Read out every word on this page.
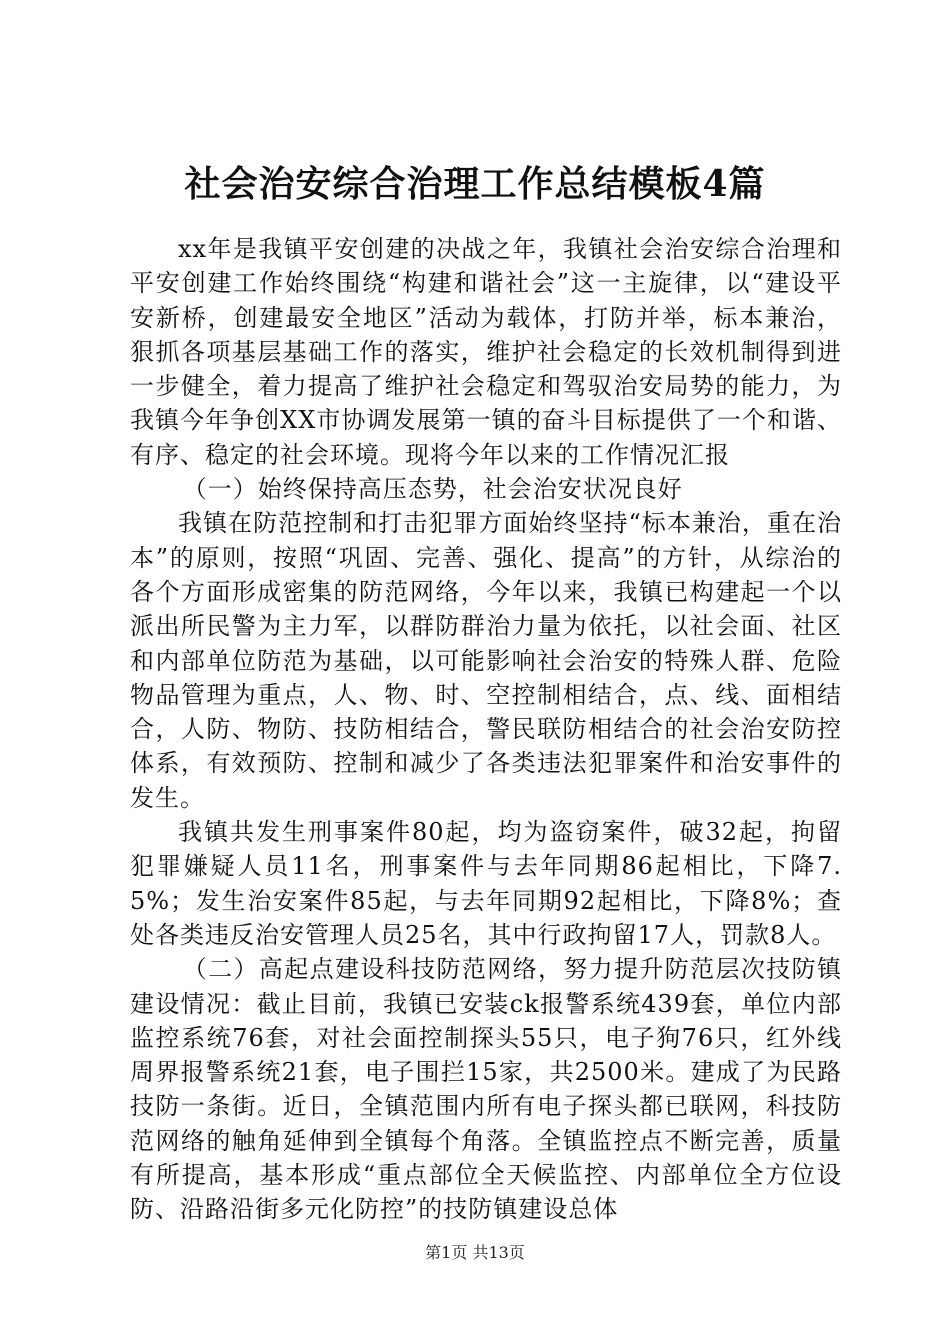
社会治安综合治理工作总结模板4篇

xx年是我镇平安创建的决战之年，我镇社会治安综合治理和平安创建工作始终围绕“构建和谐社会”这一主旋律，以“建设平安新桥，创建最安全地区”活动为载体，打防并举，标本兼治，狠抓各项基层基础工作的落实，维护社会稳定的长效机制得到进一步健全，着力提高了维护社会稳定和驾驭治安局势的能力，为我镇今年争创XX市协调发展第一镇的奋斗目标提供了一个和谐、有序、稳定的社会环境。现将今年以来的工作情况汇报

（一）始终保持高压态势，社会治安状况良好

我镇在防范控制和打击犯罪方面始终坚持“标本兼治，重在治本”的原则，按照“巩固、完善、强化、提高”的方针，从综治的各个方面形成密集的防范网络，今年以来，我镇已构建起一个以派出所民警为主力军，以群防群治力量为依托，以社会面、社区和内部单位防范为基础，以可能影响社会治安的特殊人群、危险物品管理为重点，人、物、时、空控制相结合，点、线、面相结合，人防、物防、技防相结合，警民联防相结合的社会治安防控体系，有效预防、控制和减少了各类违法犯罪案件和治安事件的发生。

我镇共发生刑事案件80起，均为盗窃案件，破32起，拘留犯罪嫌疑人员11名，刑事案件与去年同期86起相比，下降7.5%；发生治安案件85起，与去年同期92起相比，下降8%；查处各类违反治安管理人员25名，其中行政拘留17人，罚款8人。

（二）高起点建设科技防范网络，努力提升防范层次技防镇建设情况：截止目前，我镇已安装ck报警系统439套，单位内部监控系统76套，对社会面控制探头55只，电子狗76只，红外线周界报警系统21套，电子围拦15家，共2500米。建成了为民路技防一条街。近日，全镇范围内所有电子探头都已联网，科技防范网络的触角延伸到全镇每个角落。全镇监控点不断完善，质量有所提高，基本形成“重点部位全天候监控、内部单位全方位设防、沿路沿街多元化防控”的技防镇建设总体

第1页 共13页
